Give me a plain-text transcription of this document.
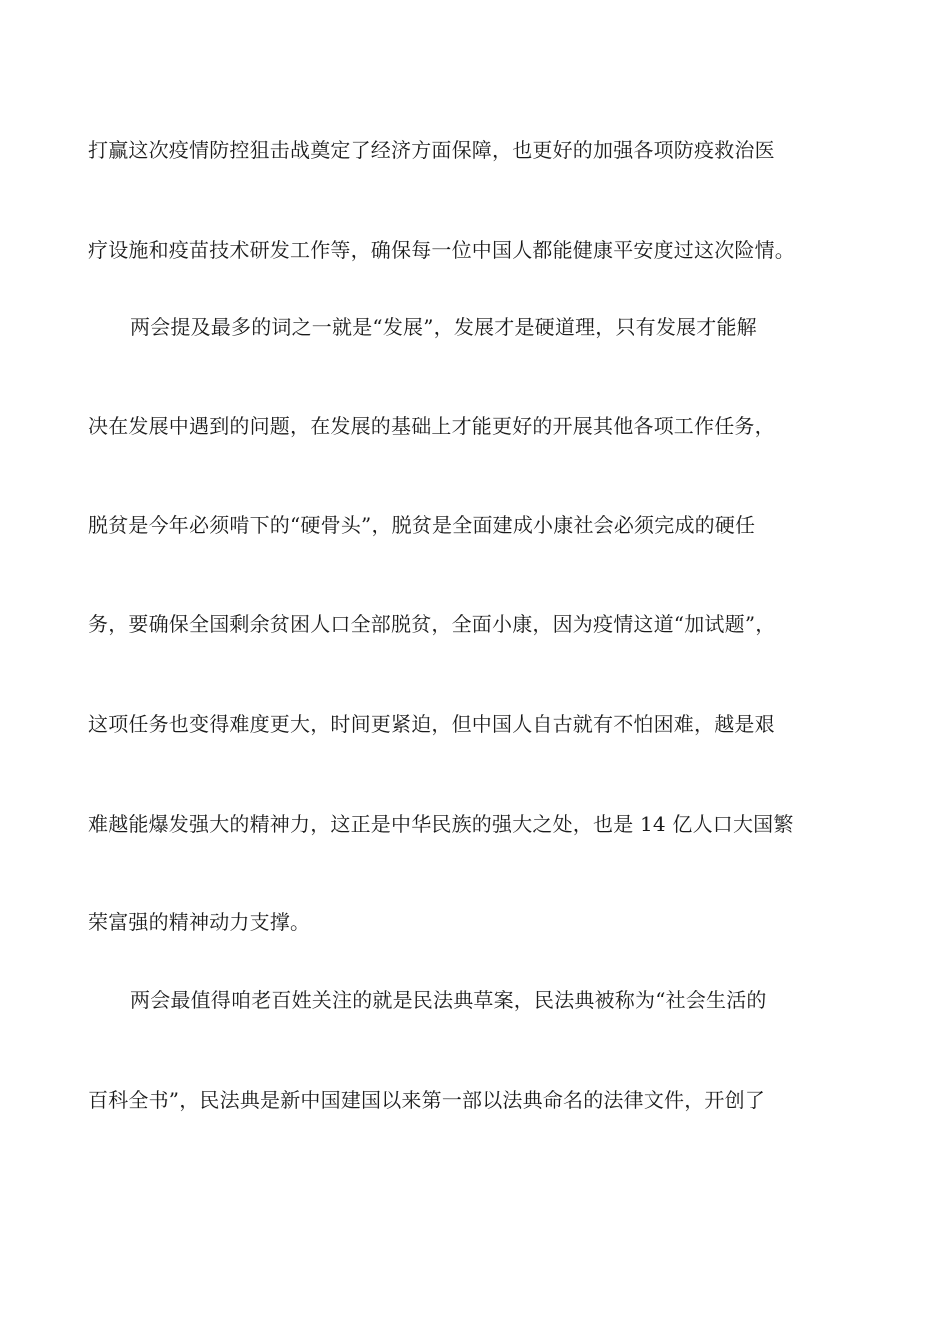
打赢这次疫情防控狙击战奠定了经济方面保障，也更好的加强各项防疫救治医
疗设施和疫苗技术研发工作等，确保每一位中国人都能健康平安度过这次险情。
两会提及最多的词之一就是“发展”，发展才是硬道理，只有发展才能解
决在发展中遇到的问题，在发展的基础上才能更好的开展其他各项工作任务，
脱贫是今年必须啃下的“硬骨头”，脱贫是全面建成小康社会必须完成的硬任
务，要确保全国剩余贫困人口全部脱贫，全面小康，因为疫情这道“加试题”，
这项任务也变得难度更大，时间更紧迫，但中国人自古就有不怕困难，越是艰
难越能爆发强大的精神力，这正是中华民族的强大之处，也是 14 亿人口大国繁
荣富强的精神动力支撑。
两会最值得咱老百姓关注的就是民法典草案，民法典被称为“社会生活的
百科全书”，民法典是新中国建国以来第一部以法典命名的法律文件，开创了
